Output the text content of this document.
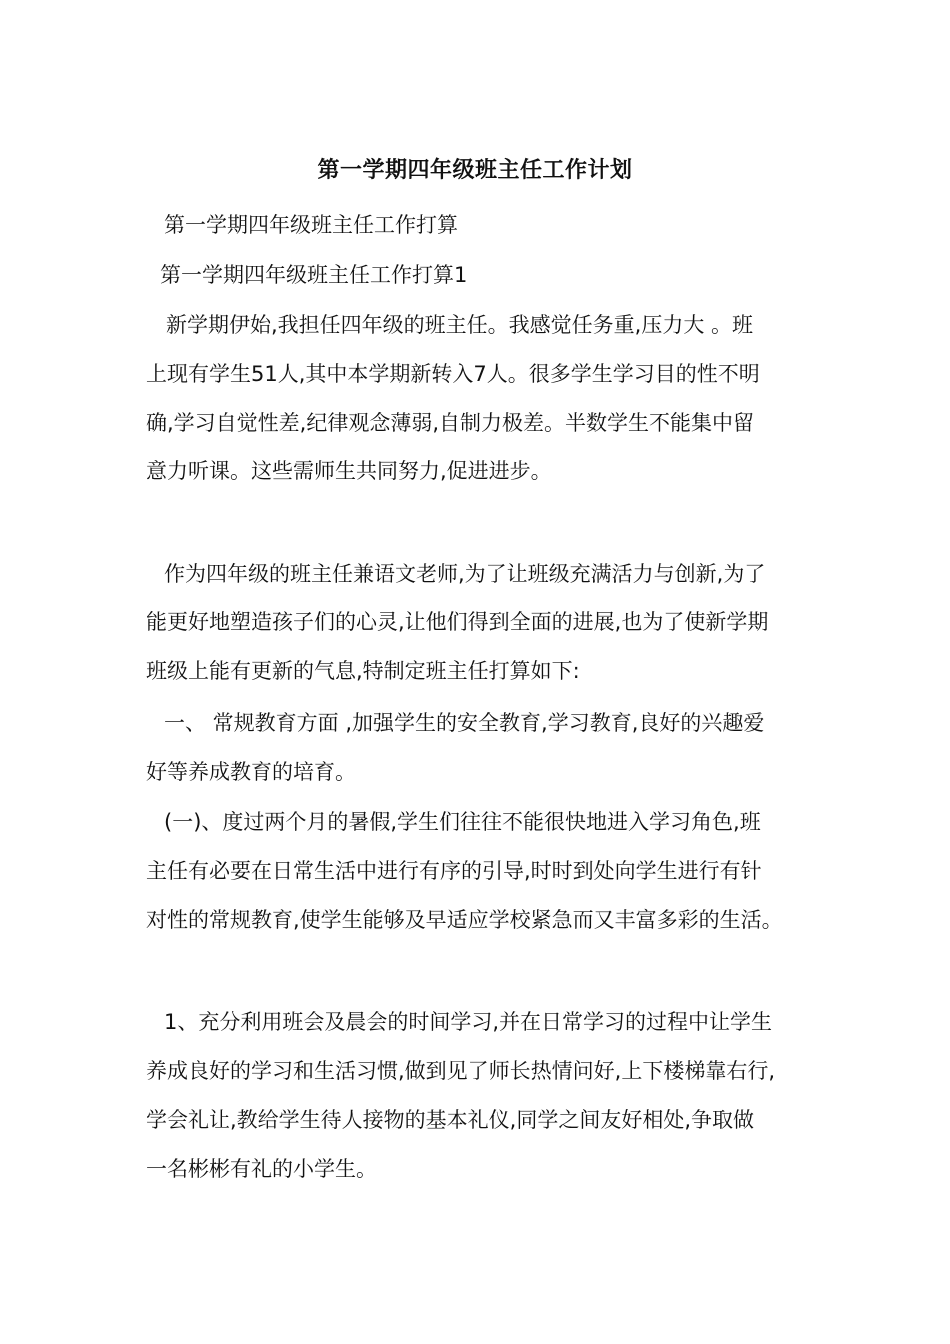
第一学期四年级班主任工作计划
第一学期四年级班主任工作打算
第一学期四年级班主任工作打算1
新学期伊始,我担任四年级的班主任。我感觉任务重,压力大 。班
上现有学生51人,其中本学期新转入7人。很多学生学习目的性不明
确,学习自觉性差,纪律观念薄弱,自制力极差。半数学生不能集中留
意力听课。这些需师生共同努力,促进进步。
作为四年级的班主任兼语文老师,为了让班级充满活力与创新,为了
能更好地塑造孩子们的心灵,让他们得到全面的进展,也为了使新学期
班级上能有更新的气息,特制定班主任打算如下:
一、 常规教育方面 ,加强学生的安全教育,学习教育,良好的兴趣爱
好等养成教育的培育。
(一)、度过两个月的暑假,学生们往往不能很快地进入学习角色,班
主任有必要在日常生活中进行有序的引导,时时到处向学生进行有针
对性的常规教育,使学生能够及早适应学校紧急而又丰富多彩的生活。
1、充分利用班会及晨会的时间学习,并在日常学习的过程中让学生
养成良好的学习和生活习惯,做到见了师长热情问好,上下楼梯靠右行,
学会礼让,教给学生待人接物的基本礼仪,同学之间友好相处,争取做
一名彬彬有礼的小学生。
